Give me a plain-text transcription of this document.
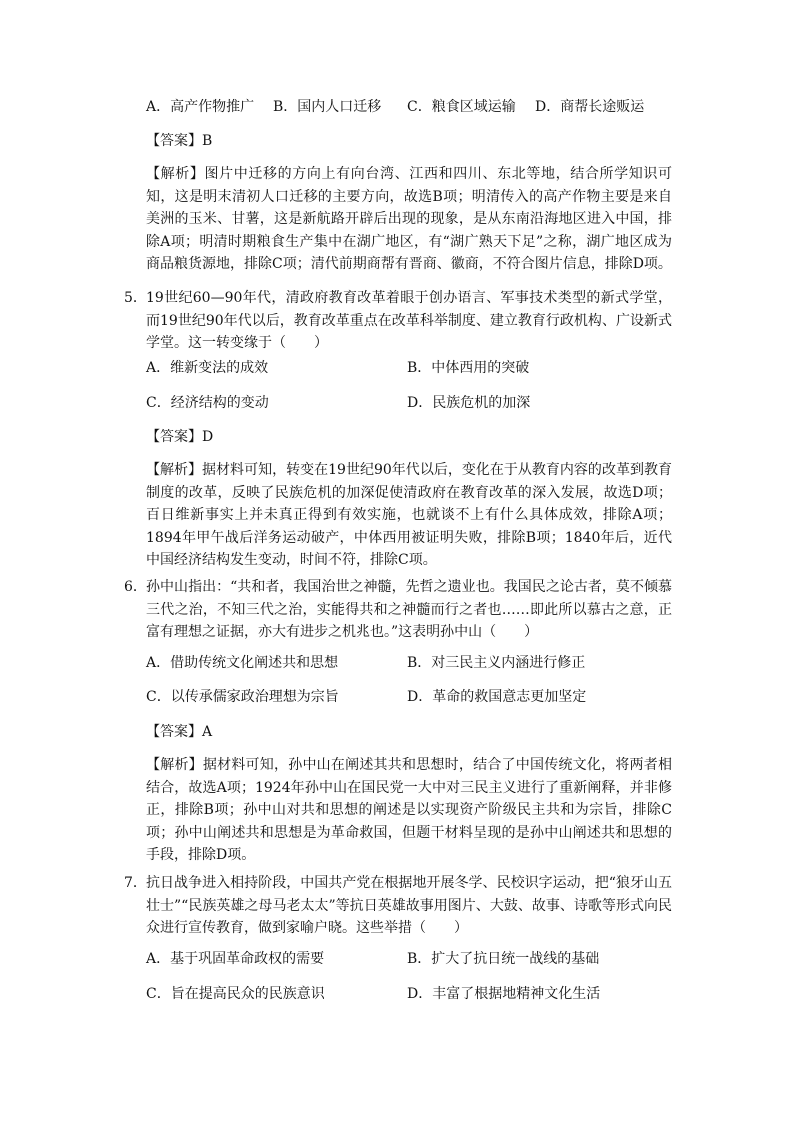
A．高产作物推广 B．国内人口迁移 C．粮食区域运输 D．商帮长途贩运
【答案】B
【解析】图片中迁移的方向上有向台湾、江西和四川、东北等地，结合所学知识可知，这是明末清初人口迁移的主要方向，故选B项；明清传入的高产作物主要是来自美洲的玉米、甘薯，这是新航路开辟后出现的现象，是从东南沿海地区进入中国，排除A项；明清时期粮食生产集中在湖广地区，有“湖广熟天下足”之称，湖广地区成为商品粮货源地，排除C项；清代前期商帮有晋商、徽商，不符合图片信息，排除D项。
5． 19世纪60—90年代，清政府教育改革着眼于创办语言、军事技术类型的新式学堂，而19世纪90年代以后，教育改革重点在改革科举制度、建立教育行政机构、广设新式学堂。这一转变缘于（　　）
A．维新变法的成效	B．中体西用的突破
C．经济结构的变动	D．民族危机的加深
【答案】D
【解析】据材料可知，转变在19世纪90年代以后，变化在于从教育内容的改革到教育制度的改革，反映了民族危机的加深促使清政府在教育改革的深入发展，故选D项；百日维新事实上并未真正得到有效实施，也就谈不上有什么具体成效，排除A项；1894年甲午战后洋务运动破产，中体西用被证明失败，排除B项；1840年后，近代中国经济结构发生变动，时间不符，排除C项。
6． 孙中山指出：“共和者，我国治世之神髓，先哲之遗业也。我国民之论古者，莫不倾慕三代之治，不知三代之治，实能得共和之神髓而行之者也……即此所以慕古之意，正富有理想之证据，亦大有进步之机兆也。”这表明孙中山（　　）
A．借助传统文化阐述共和思想	B．对三民主义内涵进行修正
C．以传承儒家政治理想为宗旨	D．革命的救国意志更加坚定
【答案】A
【解析】据材料可知，孙中山在阐述其共和思想时，结合了中国传统文化，将两者相结合，故选A项；1924年孙中山在国民党一大中对三民主义进行了重新阐释，并非修正，排除B项；孙中山对共和思想的阐述是以实现资产阶级民主共和为宗旨，排除C项；孙中山阐述共和思想是为革命救国，但题干材料呈现的是孙中山阐述共和思想的手段，排除D项。
7． 抗日战争进入相持阶段，中国共产党在根据地开展冬学、民校识字运动，把“狼牙山五壮士”“民族英雄之母马老太太”等抗日英雄故事用图片、大鼓、故事、诗歌等形式向民众进行宣传教育，做到家喻户晓。这些举措（　　）
A．基于巩固革命政权的需要	B．扩大了抗日统一战线的基础
C．旨在提高民众的民族意识	D．丰富了根据地精神文化生活
